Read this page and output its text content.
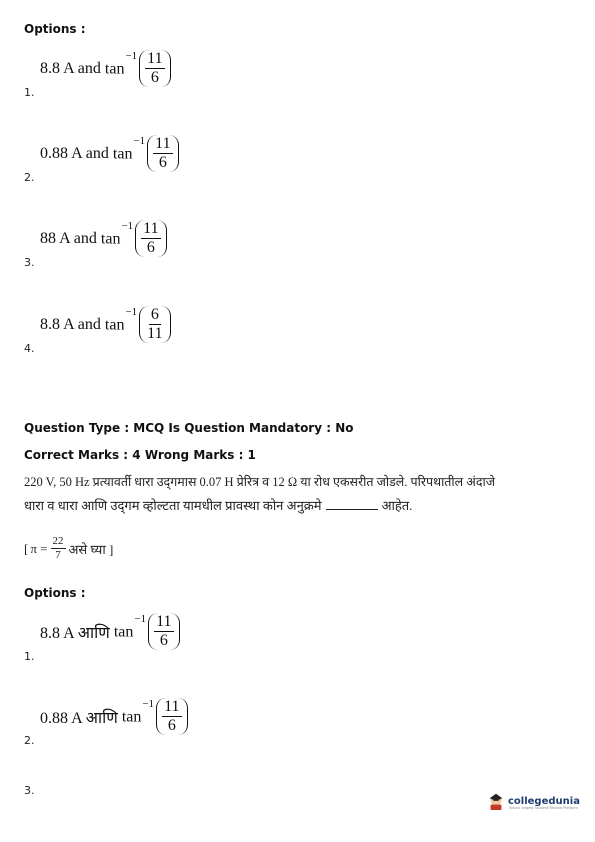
Options :
8.8 A and $\tan^{-1} \frac{11}{6}$
1.
0.88 A and $\tan^{-1} \frac{11}{6}$
2.
88 A and $\tan^{-1} \frac{11}{6}$
3.
8.8 A and $\tan^{-1} \frac{6}{11}$
4.
Question Type : MCQ Is Question Mandatory : No
Correct Marks : 4 Wrong Marks : 1
220 V, 50 Hz प्रत्यावर्ती धारा उद्‌गमास 0.07 H प्रेरित्र व 12 Ω या रोध एकसरीत जोडले. परिपथातील अंदाजे
धारा व धारा आणि उद्‌गम व्होल्टता यामधील प्रावस्था कोन अनुक्रमे	आहेत.
[ $\pi = \frac{22}{7}$ असे घ्या ]
Options :
8.8 A आणि $\tan^{-1} \frac{11}{6}$
1.
0.88 A आणि $\tan^{-1} \frac{11}{6}$
2.
3.
collegedunia
India's largest Student Review Platform
